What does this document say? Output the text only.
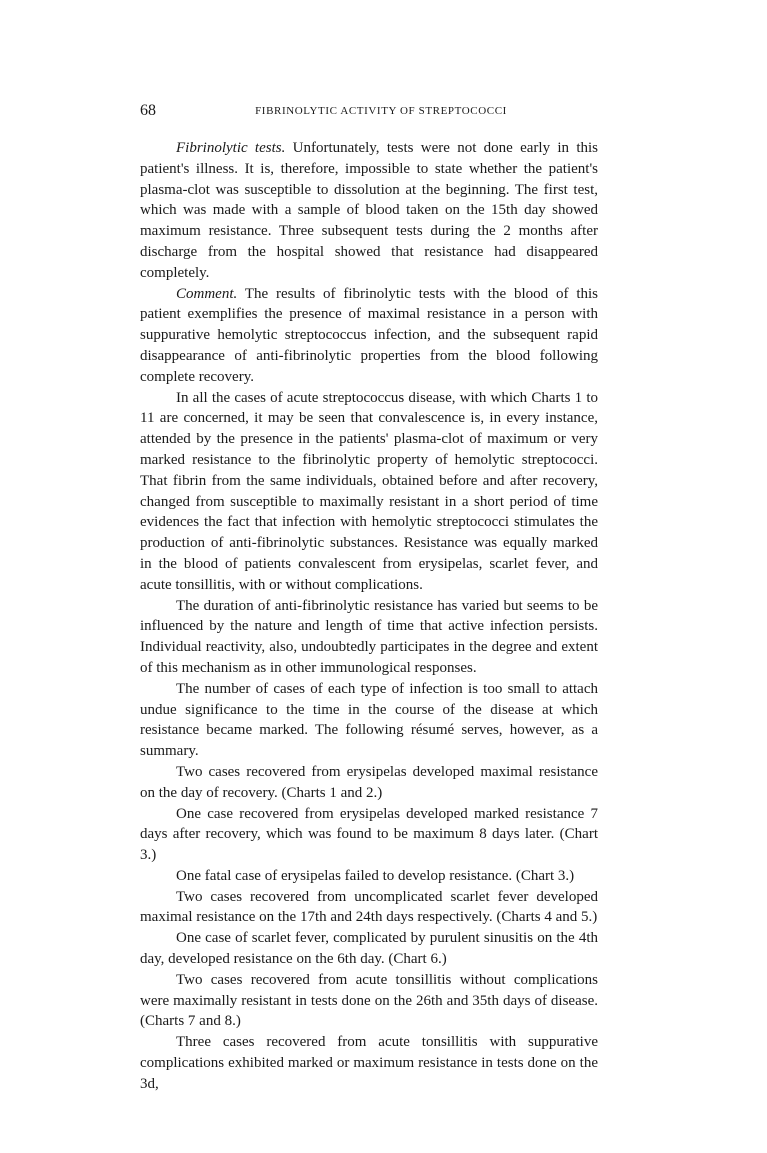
68	FIBRINOLYTIC ACTIVITY OF STREPTOCOCCI

Fibrinolytic tests. Unfortunately, tests were not done early in this patient's illness. It is, therefore, impossible to state whether the patient's plasma-clot was susceptible to dissolution at the beginning. The first test, which was made with a sample of blood taken on the 15th day showed maximum resistance. Three subsequent tests during the 2 months after discharge from the hospital showed that resistance had disappeared completely.

Comment. The results of fibrinolytic tests with the blood of this patient exemplifies the presence of maximal resistance in a person with suppurative hemolytic streptococcus infection, and the subsequent rapid disappearance of anti-fibrinolytic properties from the blood following complete recovery.

In all the cases of acute streptococcus disease, with which Charts 1 to 11 are concerned, it may be seen that convalescence is, in every instance, attended by the presence in the patients' plasma-clot of maximum or very marked resistance to the fibrinolytic property of hemolytic streptococci. That fibrin from the same individuals, obtained before and after recovery, changed from susceptible to maximally resistant in a short period of time evidences the fact that infection with hemolytic streptococci stimulates the production of anti-fibrinolytic substances. Resistance was equally marked in the blood of patients convalescent from erysipelas, scarlet fever, and acute tonsillitis, with or without complications.

The duration of anti-fibrinolytic resistance has varied but seems to be influenced by the nature and length of time that active infection persists. Individual reactivity, also, undoubtedly participates in the degree and extent of this mechanism as in other immunological responses.

The number of cases of each type of infection is too small to attach undue significance to the time in the course of the disease at which resistance became marked. The following résumé serves, however, as a summary.

Two cases recovered from erysipelas developed maximal resistance on the day of recovery. (Charts 1 and 2.)

One case recovered from erysipelas developed marked resistance 7 days after recovery, which was found to be maximum 8 days later. (Chart 3.)

One fatal case of erysipelas failed to develop resistance. (Chart 3.)

Two cases recovered from uncomplicated scarlet fever developed maximal resistance on the 17th and 24th days respectively. (Charts 4 and 5.)

One case of scarlet fever, complicated by purulent sinusitis on the 4th day, developed resistance on the 6th day. (Chart 6.)

Two cases recovered from acute tonsillitis without complications were maximally resistant in tests done on the 26th and 35th days of disease. (Charts 7 and 8.)

Three cases recovered from acute tonsillitis with suppurative complications exhibited marked or maximum resistance in tests done on the 3d,
